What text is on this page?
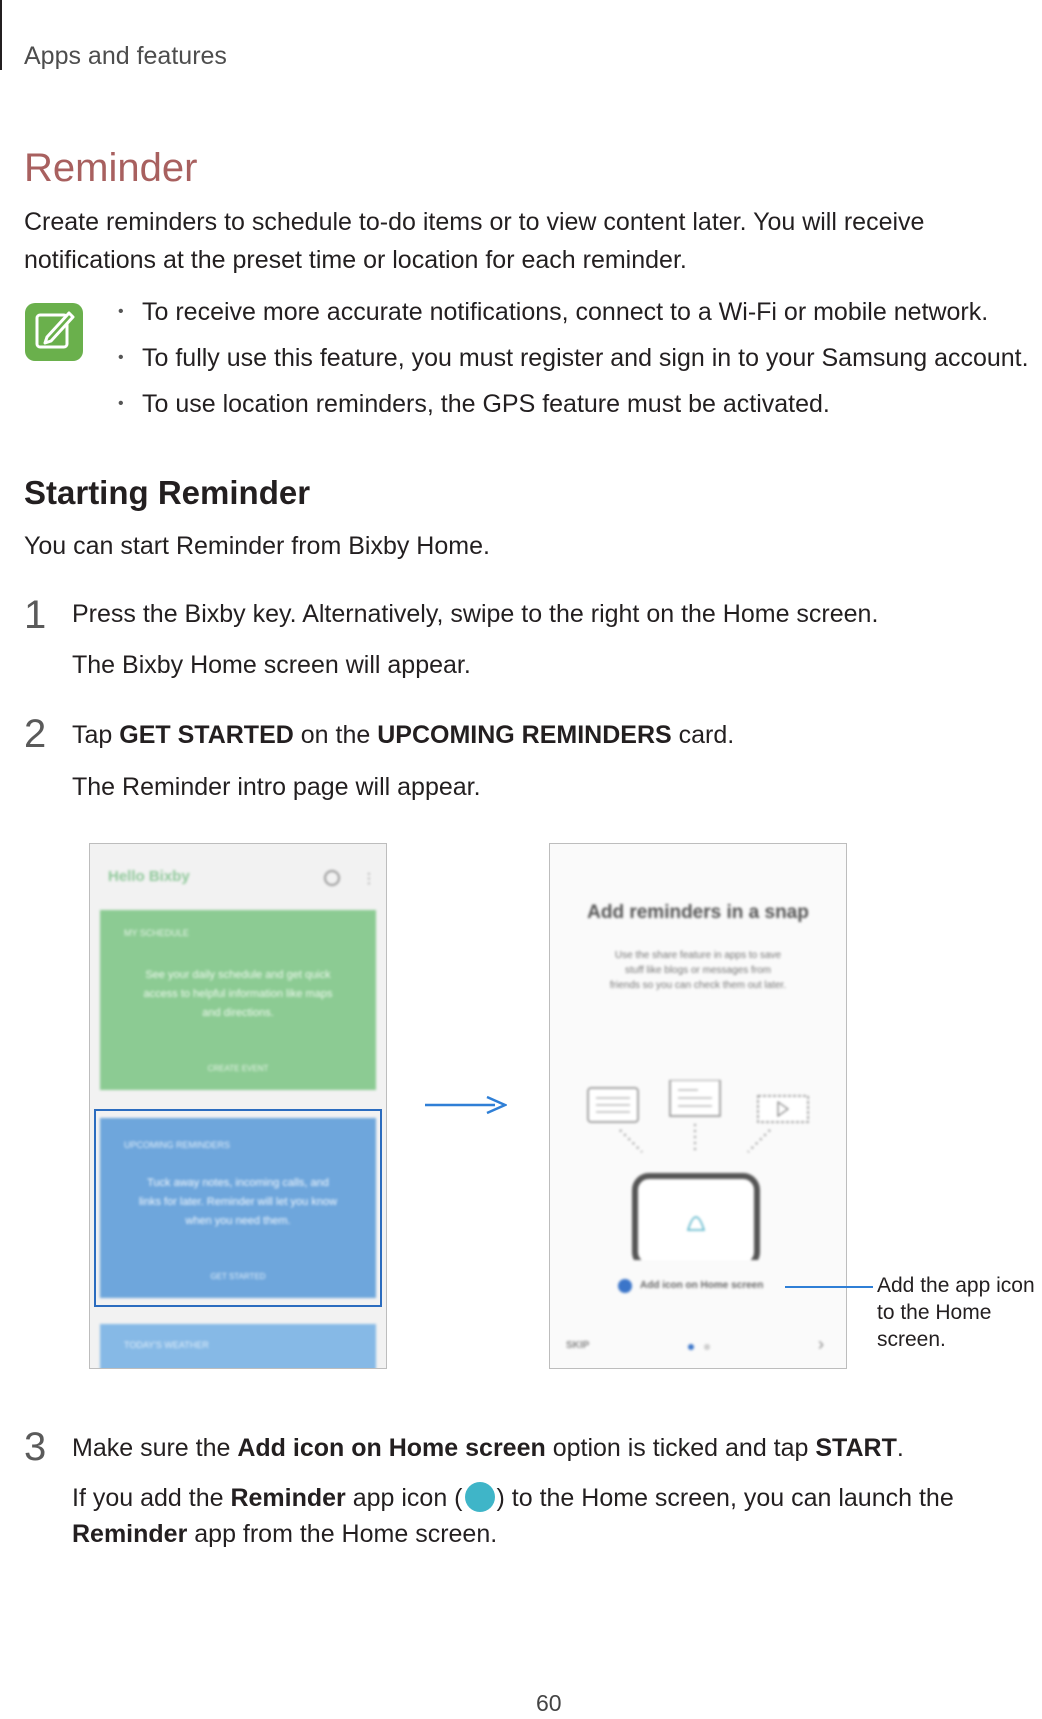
Apps and features
Reminder
Create reminders to schedule to-do items or to view content later. You will receive
notifications at the preset time or location for each reminder.
• To receive more accurate notifications, connect to a Wi-Fi or mobile network.
• To fully use this feature, you must register and sign in to your Samsung account.
• To use location reminders, the GPS feature must be activated.
Starting Reminder
You can start Reminder from Bixby Home.
1 Press the Bixby key. Alternatively, swipe to the right on the Home screen.
The Bixby Home screen will appear.
2 Tap GET STARTED on the UPCOMING REMINDERS card.
The Reminder intro page will appear.
Hello Bixby	⋮
MY SCHEDULE
See your daily schedule and get quick
access to helpful information like maps
and directions.
CREATE EVENT
UPCOMING REMINDERS
Tuck away notes, incoming calls, and
links for later. Reminder will let you know
when you need them.
GET STARTED
TODAY'S WEATHER
Add reminders in a snap
Use the share feature in apps to save
stuff like blogs or messages from
friends so you can check them out later.
Add icon on Home screen
SKIP	›
Add the app icon
to the Home
screen.
3 Make sure the Add icon on Home screen option is ticked and tap START.
If you add the Reminder app icon ( ) to the Home screen, you can launch the
Reminder app from the Home screen.
60
